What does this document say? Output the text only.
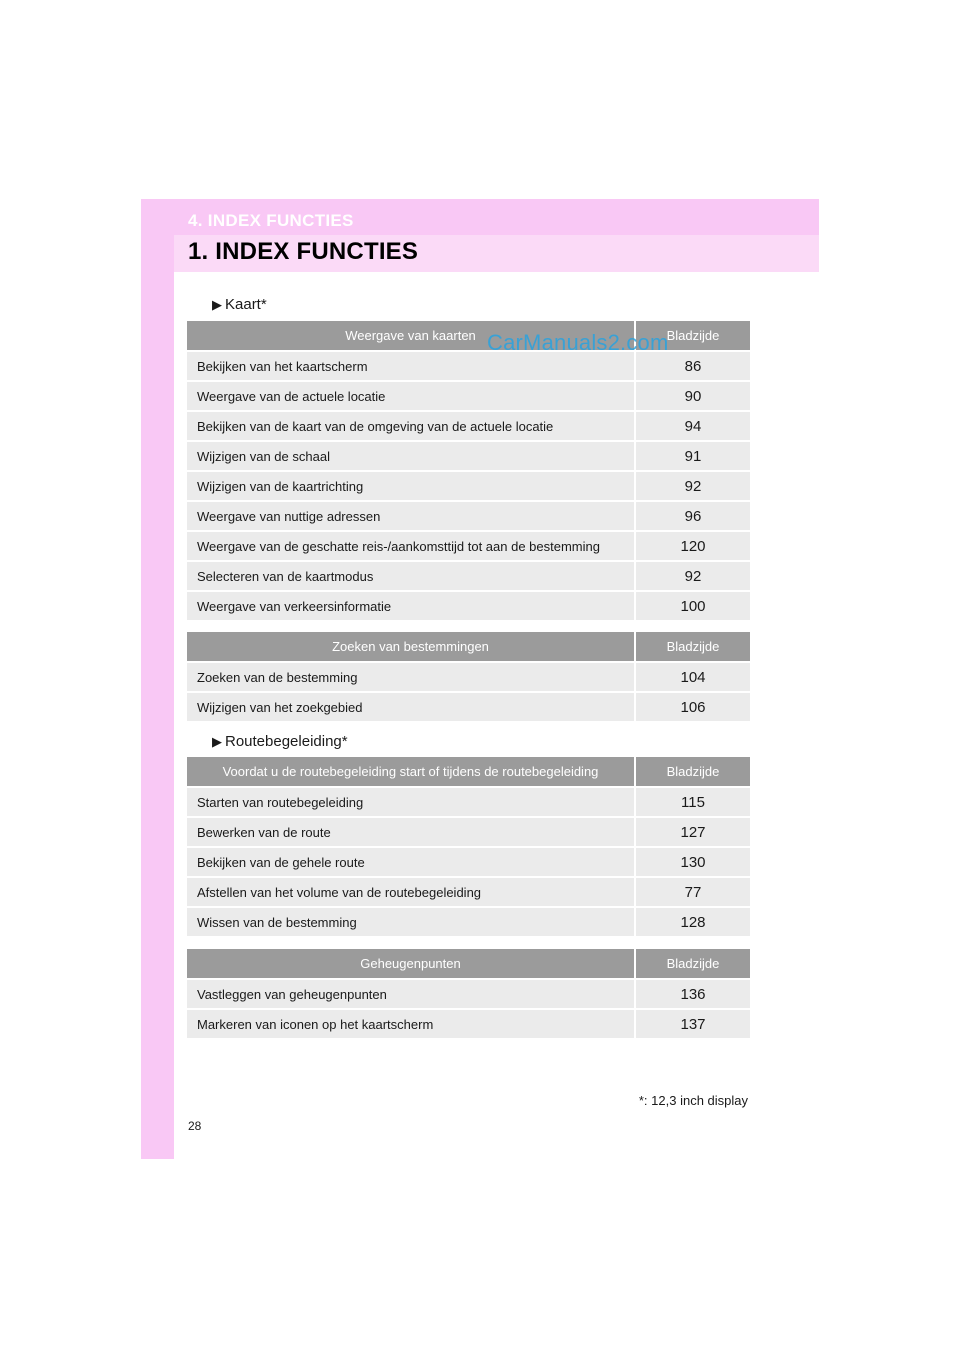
4. INDEX FUNCTIES
1. INDEX FUNCTIES
▶ Kaart*
Weergave van kaarten	Bladzijde
Bekijken van het kaartscherm	86
Weergave van de actuele locatie	90
Bekijken van de kaart van de omgeving van de actuele locatie	94
Wijzigen van de schaal	91
Wijzigen van de kaartrichting	92
Weergave van nuttige adressen	96
Weergave van de geschatte reis-/aankomsttijd tot aan de bestemming	120
Selecteren van de kaartmodus	92
Weergave van verkeersinformatie	100
Zoeken van bestemmingen	Bladzijde
Zoeken van de bestemming	104
Wijzigen van het zoekgebied	106
▶ Routebegeleiding*
Voordat u de routebegeleiding start of tijdens de routebegeleiding	Bladzijde
Starten van routebegeleiding	115
Bewerken van de route	127
Bekijken van de gehele route	130
Afstellen van het volume van de routebegeleiding	77
Wissen van de bestemming	128
Geheugenpunten	Bladzijde
Vastleggen van geheugenpunten	136
Markeren van iconen op het kaartscherm	137
CarManuals2.com
*: 12,3 inch display
28
